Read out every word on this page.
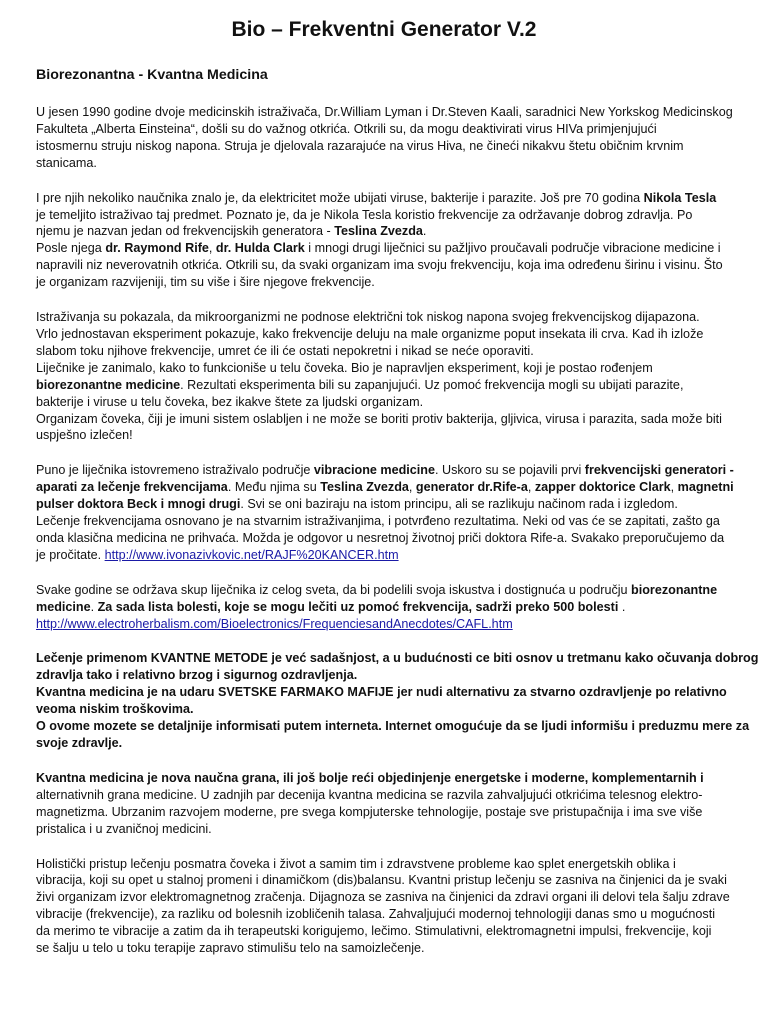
Bio – Frekventni Generator V.2
Biorezonantna - Kvantna Medicina
U jesen 1990 godine dvoje medicinskih istraživača, Dr.William Lyman i Dr.Steven Kaali, saradnici New Yorkskog Medicinskog
Fakulteta „Alberta Einsteina“, došli su do važnog otkrića. Otkrili su, da mogu deaktivirati virus HIVa primjenjujući
istosmernu struju niskog napona. Struja je djelovala razarajuće na virus Hiva, ne čineći nikakvu štetu običnim krvnim
stanicama.
I pre njih nekoliko naučnika znalo je, da elektricitet može ubijati viruse, bakterije i parazite. Još pre 70 godina Nikola Tesla
je temeljito istraživao taj predmet. Poznato je, da je Nikola Tesla koristio frekvencije za održavanje dobrog zdravlja. Po
njemu je nazvan jedan od frekvencijskih generatora - Teslina Zvezda.
Posle njega dr. Raymond Rife, dr. Hulda Clark i mnogi drugi liječnici su pažljivo proučavali područje vibracione medicine i
napravili niz neverovatnih otkrića. Otkrili su, da svaki organizam ima svoju frekvenciju, koja ima određenu širinu i visinu. Što
je organizam razvijeniji, tim su više i šire njegove frekvencije.
Istraživanja su pokazala, da mikroorganizmi ne podnose električni tok niskog napona svojeg frekvencijskog dijapazona.
Vrlo jednostavan eksperiment pokazuje, kako frekvencije deluju na male organizme poput insekata ili crva. Kad ih izlože
slabom toku njihove frekvencije, umret će ili će ostati nepokretni i nikad se neće oporaviti.
Liječnike je zanimalo, kako to funkcioniše u telu čoveka. Bio je napravljen eksperiment, koji je postao rođenjem
biorezonantne medicine. Rezultati eksperimenta bili su zapanjujući. Uz pomoć frekvencija mogli su ubijati parazite,
bakterije i viruse u telu čoveka, bez ikakve štete za ljudski organizam.
Organizam čoveka, čiji je imuni sistem oslabljen i ne može se boriti protiv bakterija, gljivica, virusa i parazita, sada može biti
uspješno izlečen!
Puno je liječnika istovremeno istraživalo područje vibracione medicine. Uskoro su se pojavili prvi frekvencijski generatori -
aparati za lečenje frekvencijama. Među njima su Teslina Zvezda, generator dr.Rife-a, zapper doktorice Clark, magnetni
pulser doktora Beck i mnogi drugi. Svi se oni baziraju na istom principu, ali se razlikuju načinom rada i izgledom.
Lečenje frekvencijama osnovano je na stvarnim istraživanjima, i potvrđeno rezultatima. Neki od vas će se zapitati, zašto ga
onda klasična medicina ne prihvaća. Možda je odgovor u nesretnoj životnoj priči doktora Rife-a. Svakako preporučujemo da
je pročitate. http://www.ivonazivkovic.net/RAJF%20KANCER.htm
Svake godine se održava skup liječnika iz celog sveta, da bi podelili svoja iskustva i dostignuća u području biorezonantne
medicine. Za sada lista bolesti, koje se mogu lečiti uz pomoć frekvencija, sadrži preko 500 bolesti .
http://www.electroherbalism.com/Bioelectronics/FrequenciesandAnecdotes/CAFL.htm
Lečenje primenom KVANTNE METODE je već sadašnjost, a u budućnosti ce biti osnov u tretmanu kako očuvanja dobrog
zdravlja tako i relativno brzog i sigurnog ozdravljenja.
Kvantna medicina je na udaru SVETSKE FARMAKO MAFIJE jer nudi alternativu za stvarno ozdravljenje po relativno
veoma niskim troškovima.
O ovome mozete se detaljnije informisati putem interneta. Internet omogućuje da se ljudi informišu i preduzmu mere za
svoje zdravlje.
Kvantna medicina je nova naučna grana, ili još bolje reći objedinjenje energetske i moderne, komplementarnih i
alternativnih grana medicine. U zadnjih par decenija kvantna medicina se razvila zahvaljujući otkrićima telesnog elektro-
magnetizma. Ubrzanim razvojem moderne, pre svega kompjuterske tehnologije, postaje sve pristupačnija i ima sve više
pristalica i u zvaničnoj medicini.
Holistički pristup lečenju posmatra čoveka i život a samim tim i zdravstvene probleme kao splet energetskih oblika i
vibracija, koji su opet u stalnoj promeni i dinamičkom (dis)balansu. Kvantni pristup lečenju se zasniva na činjenici da je svaki
živi organizam izvor elektromagnetnog zračenja. Dijagnoza se zasniva na činjenici da zdravi organi ili delovi tela šalju zdrave
vibracije (frekvencije), za razliku od bolesnih izobličenih talasa. Zahvaljujući modernoj tehnologiji danas smo u mogućnosti
da merimo te vibracije a zatim da ih terapeutski korigujemo, lečimo. Stimulativni, elektromagnetni impulsi, frekvencije, koji
se šalju u telo u toku terapije zapravo stimulišu telo na samoizlečenje.
